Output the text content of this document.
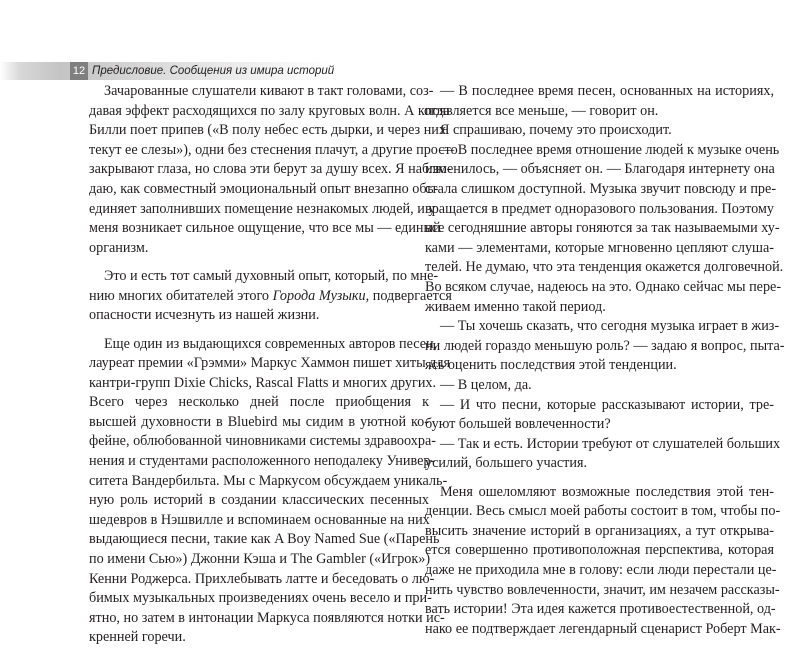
12 Предисловие. Сообщения из имира историй

Зачарованные слушатели кивают в такт головами, соз-
давая эффект расходящихся по залу круговых волн. А когда
Билли поет припев («В полу небес есть дырки, и через них
текут ее слезы»), одни без стеснения плачут, а другие просто
закрывают глаза, но слова эти берут за душу всех. Я наблю-
даю, как совместный эмоциональный опыт внезапно объ-
единяет заполнивших помещение незнакомых людей, и у
меня возникает сильное ощущение, что все мы — единый
организм.

Это и есть тот самый духовный опыт, который, по мне-
нию многих обитателей этого Города Музыки, подвергается
опасности исчезнуть из нашей жизни.

Еще один из выдающихся современных авторов песен,
лауреат премии «Грэмми» Маркус Хаммон пишет хиты для
кантри-групп Dixie Chicks, Rascal Flatts и многих других.
Всего через несколько дней после приобщения к
высшей духовности в Bluebird мы сидим в уютной ко-
фейне, облюбованной чиновниками системы здравоохра-
нения и студентами расположенного неподалеку Универ-
ситета Вандербильта. Мы с Маркусом обсуждаем уникаль-
ную роль историй в создании классических песенных
шедевров в Нэшвилле и вспоминаем основанные на них
выдающиеся песни, такие как A Boy Named Sue («Парень
по имени Сью») Джонни Кэша и The Gambler («Игрок»)
Кенни Роджерса. Прихлебывать латте и беседовать о лю-
бимых музыкальных произведениях очень весело и при-
ятно, но затем в интонации Маркуса появляются нотки ис-
кренней горечи.

— В последнее время песен, основанных на историях,
появляется все меньше, — говорит он.

Я спрашиваю, почему это происходит.

— В последнее время отношение людей к музыке очень
изменилось, — объясняет он. — Благодаря интернету она
стала слишком доступной. Музыка звучит повсюду и пре-
вращается в предмет одноразового пользования. Поэтому
все сегодняшние авторы гоняются за так называемыми ху-
ками — элементами, которые мгновенно цепляют слуша-
телей. Не думаю, что эта тенденция окажется долговечной.
Во всяком случае, надеюсь на это. Однако сейчас мы пере-
живаем именно такой период.

— Ты хочешь сказать, что сегодня музыка играет в жиз-
ни людей гораздо меньшую роль? — задаю я вопрос, пыта-
ясь оценить последствия этой тенденции.

— В целом, да.

— И что песни, которые рассказывают истории, тре-
буют большей вовлеченности?

— Так и есть. Истории требуют от слушателей больших
усилий, большего участия.

Меня ошеломляют возможные последствия этой тен-
денции. Весь смысл моей работы состоит в том, чтобы по-
высить значение историй в организациях, а тут открыва-
ется совершенно противоположная перспектива, которая
даже не приходила мне в голову: если люди перестали це-
нить чувство вовлеченности, значит, им незачем рассказы-
вать истории! Эта идея кажется противоестественной, од-
нако ее подтверждает легендарный сценарист Роберт Мак-
